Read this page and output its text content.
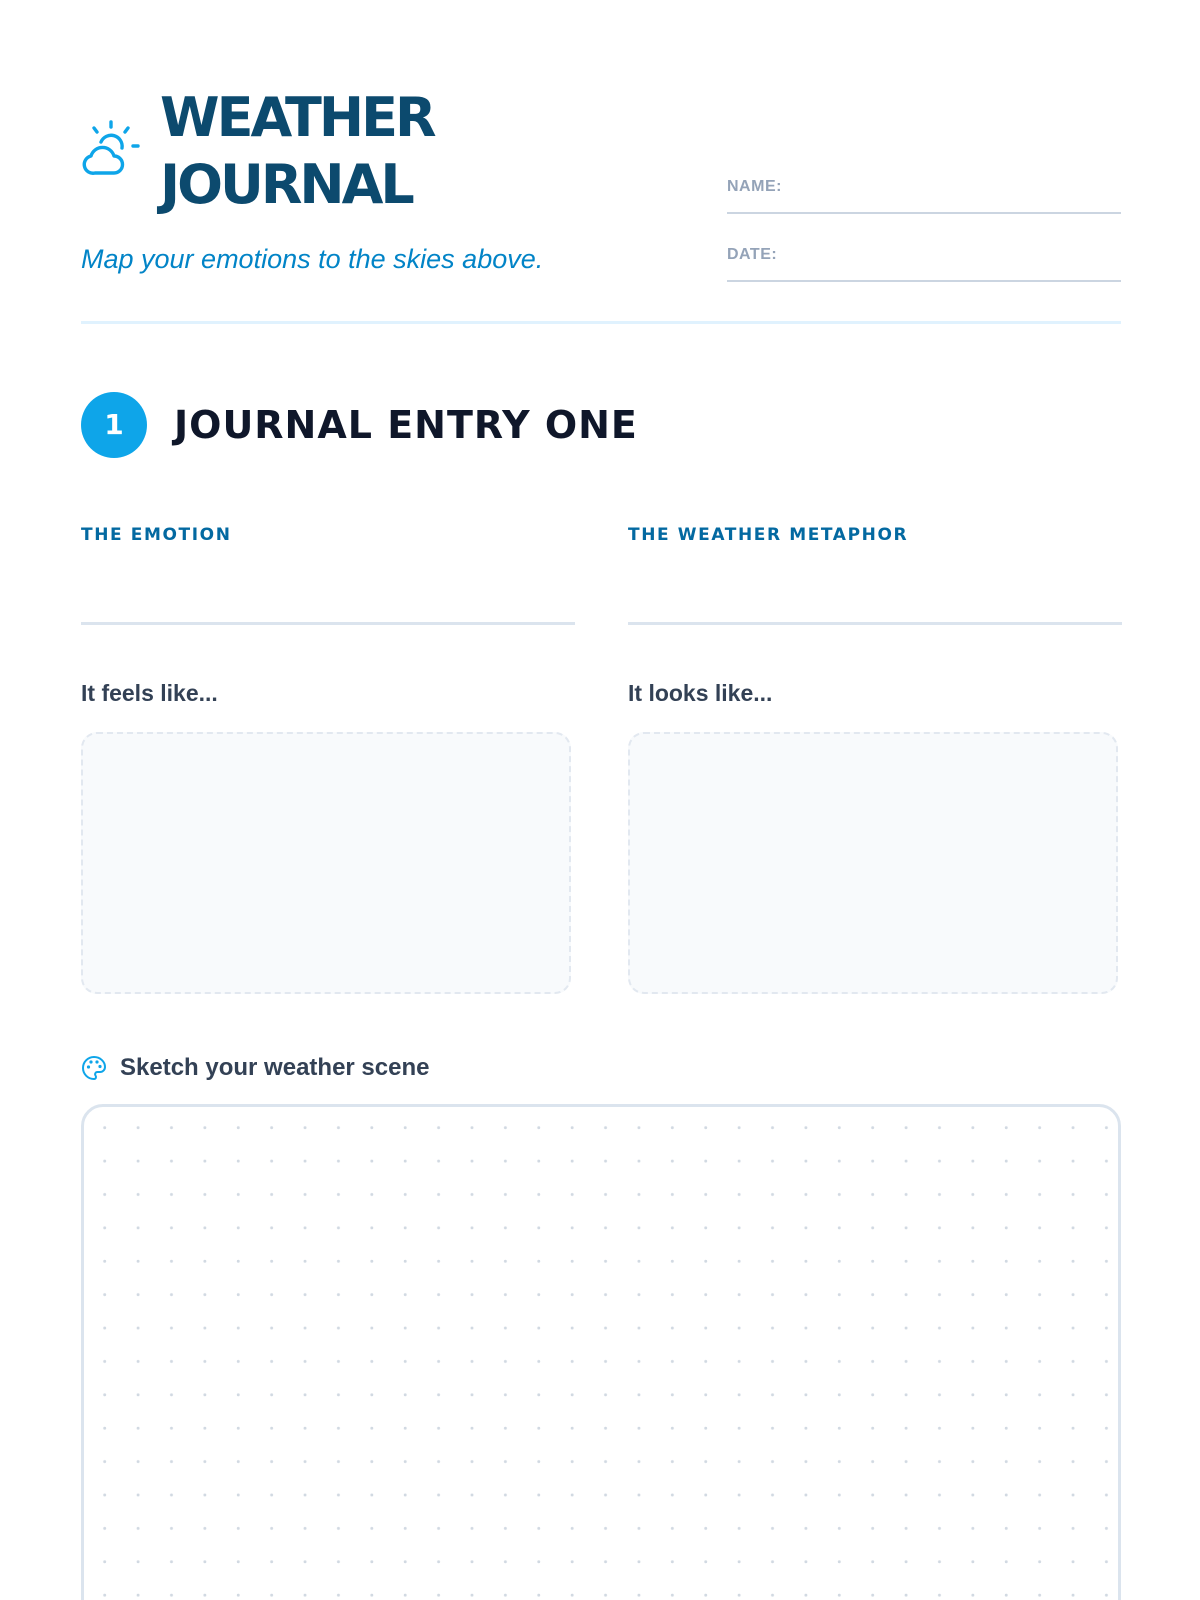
WEATHER
JOURNAL
Map your emotions to the skies above.
NAME:
DATE:
1	JOURNAL ENTRY ONE
THE EMOTION	THE WEATHER METAPHOR
It feels like...	It looks like...
Sketch your weather scene
